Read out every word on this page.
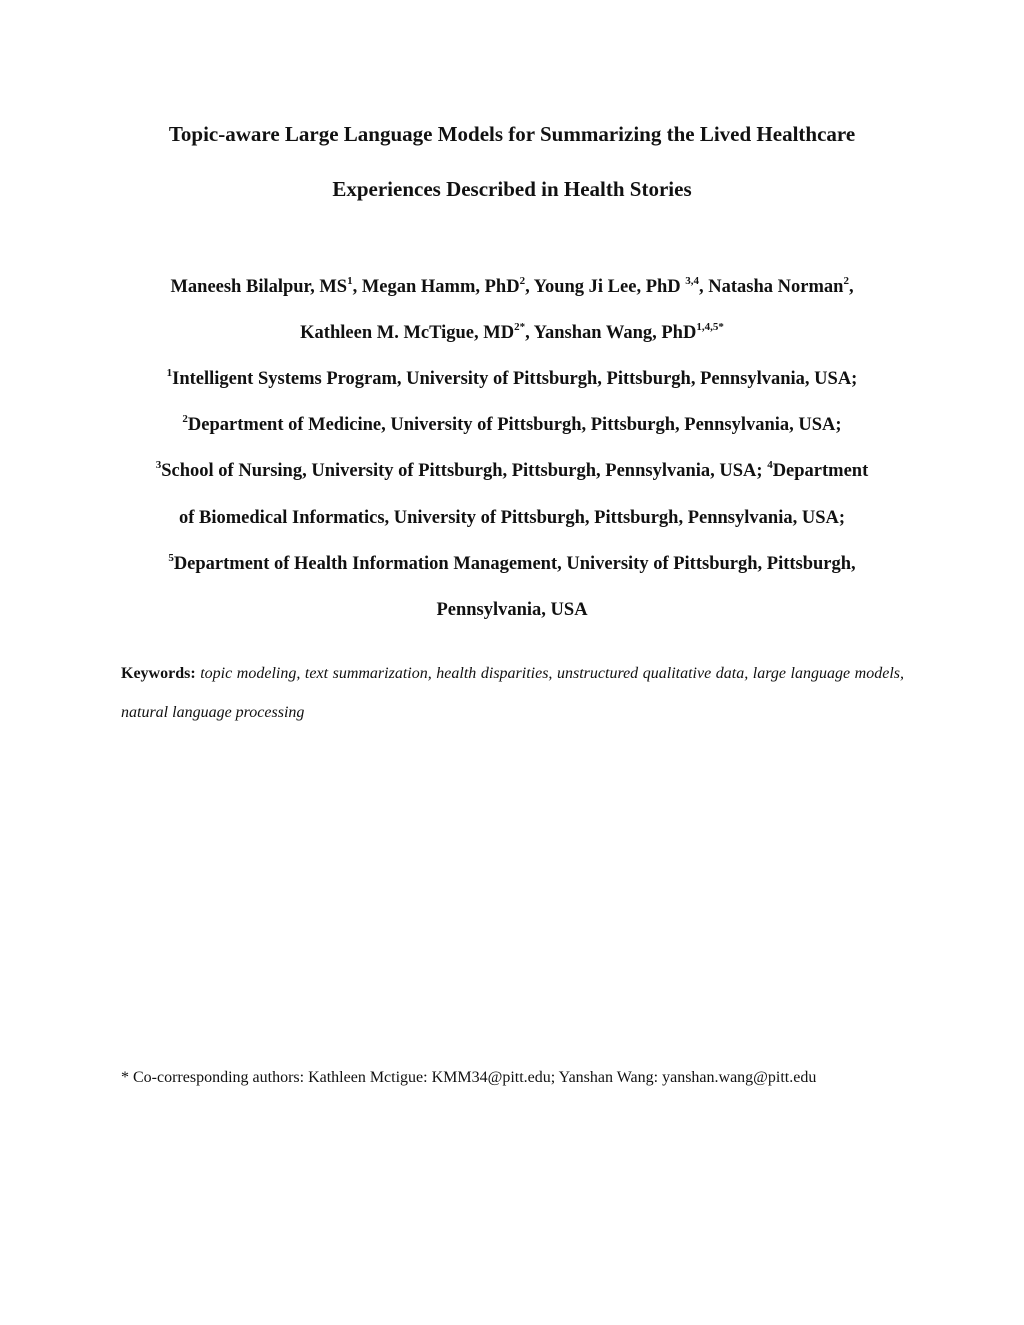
Topic-aware Large Language Models for Summarizing the Lived Healthcare
Experiences Described in Health Stories
Maneesh Bilalpur, $MS^1$, Megan Hamm, PhD$^2$, Young Ji Lee, PhD $^{3,4}$, Natasha Norman$^2$,
Kathleen M. McTigue, $MD^{2*}$, Yanshan Wang, PhD$^{1,4,5*}$
$^1$Intelligent Systems Program, University of Pittsburgh, Pittsburgh, Pennsylvania, USA;
$^2$Department of Medicine, University of Pittsburgh, Pittsburgh, Pennsylvania, USA;
$^3$School of Nursing, University of Pittsburgh, Pittsburgh, Pennsylvania, USA; $^4$Department
of Biomedical Informatics, University of Pittsburgh, Pittsburgh, Pennsylvania, USA;
$^5$Department of Health Information Management, University of Pittsburgh, Pittsburgh,
Pennsylvania, USA
Keywords: topic modeling, text summarization, health disparities, unstructured qualitative data, large language models, natural language processing
* Co-corresponding authors: Kathleen Mctigue: KMM34@pitt.edu; Yanshan Wang: yanshan.wang@pitt.edu
